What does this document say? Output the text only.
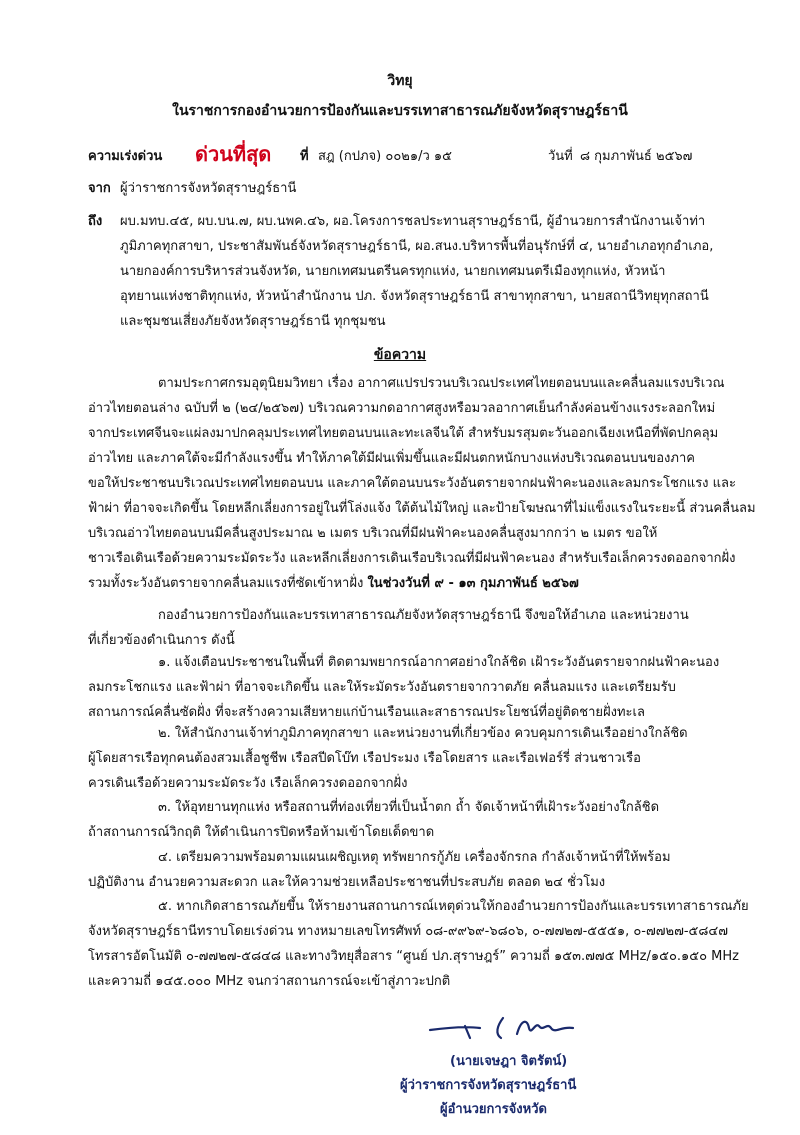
วิทยุ
ในราชการกองอำนวยการป้องกันและบรรเทาสาธารณภัยจังหวัดสุราษฎร์ธานี
ความเร่งด่วน ด่วนที่สุด ที่ สฎ (กปภจ) ๐๐๒๑/ว ๑๕	วันที่ ๘ กุมภาพันธ์ ๒๕๖๗
จาก ผู้ว่าราชการจังหวัดสุราษฎร์ธานี
ถึง ผบ.มทบ.๔๕, ผบ.บน.๗, ผบ.นพค.๔๖, ผอ.โครงการชลประทานสุราษฎร์ธานี, ผู้อำนวยการสำนักงานเจ้าท่า
ภูมิภาคทุกสาขา, ประชาสัมพันธ์จังหวัดสุราษฎร์ธานี, ผอ.สนง.บริหารพื้นที่อนุรักษ์ที่ ๔, นายอำเภอทุกอำเภอ,
นายกองค์การบริหารส่วนจังหวัด, นายกเทศมนตรีนครทุกแห่ง, นายกเทศมนตรีเมืองทุกแห่ง, หัวหน้า
อุทยานแห่งชาติทุกแห่ง, หัวหน้าสำนักงาน ปภ. จังหวัดสุราษฎร์ธานี สาขาทุกสาขา, นายสถานีวิทยุทุกสถานี
และชุมชนเสี่ยงภัยจังหวัดสุราษฎร์ธานี ทุกชุมชน
ข้อความ
ตามประกาศกรมอุตุนิยมวิทยา เรื่อง อากาศแปรปรวนบริเวณประเทศไทยตอนบนและคลื่นลมแรงบริเวณ
อ่าวไทยตอนล่าง ฉบับที่ ๒ (๒๔/๒๕๖๗) บริเวณความกดอากาศสูงหรือมวลอากาศเย็นกำลังค่อนข้างแรงระลอกใหม่
จากประเทศจีนจะแผ่ลงมาปกคลุมประเทศไทยตอนบนและทะเลจีนใต้ สำหรับมรสุมตะวันออกเฉียงเหนือที่พัดปกคลุม
อ่าวไทย และภาคใต้จะมีกำลังแรงขึ้น ทำให้ภาคใต้มีฝนเพิ่มขึ้นและมีฝนตกหนักบางแห่งบริเวณตอนบนของภาค
ขอให้ประชาชนบริเวณประเทศไทยตอนบน และภาคใต้ตอนบนระวังอันตรายจากฝนฟ้าคะนองและลมกระโชกแรง และ
ฟ้าผ่า ที่อาจจะเกิดขึ้น โดยหลีกเลี่ยงการอยู่ในที่โล่งแจ้ง ใต้ต้นไม้ใหญ่ และป้ายโฆษณาที่ไม่แข็งแรงในระยะนี้ ส่วนคลื่นลม
บริเวณอ่าวไทยตอนบนมีคลื่นสูงประมาณ ๒ เมตร บริเวณที่มีฝนฟ้าคะนองคลื่นสูงมากกว่า ๒ เมตร ขอให้
ชาวเรือเดินเรือด้วยความระมัดระวัง และหลีกเลี่ยงการเดินเรือบริเวณที่มีฝนฟ้าคะนอง สำหรับเรือเล็กควรงดออกจากฝั่ง
รวมทั้งระวังอันตรายจากคลื่นลมแรงที่ซัดเข้าหาฝั่ง ในช่วงวันที่ ๙ - ๑๓ กุมภาพันธ์ ๒๕๖๗
กองอำนวยการป้องกันและบรรเทาสาธารณภัยจังหวัดสุราษฎร์ธานี จึงขอให้อำเภอ และหน่วยงาน
ที่เกี่ยวข้องดำเนินการ ดังนี้
๑. แจ้งเตือนประชาชนในพื้นที่ ติดตามพยากรณ์อากาศอย่างใกล้ชิด เฝ้าระวังอันตรายจากฝนฟ้าคะนอง
ลมกระโชกแรง และฟ้าผ่า ที่อาจจะเกิดขึ้น และให้ระมัดระวังอันตรายจากวาตภัย คลื่นลมแรง และเตรียมรับ
สถานการณ์คลื่นซัดฝั่ง ที่จะสร้างความเสียหายแก่บ้านเรือนและสาธารณประโยชน์ที่อยู่ติดชายฝั่งทะเล
๒. ให้สำนักงานเจ้าท่าภูมิภาคทุกสาขา และหน่วยงานที่เกี่ยวข้อง ควบคุมการเดินเรืออย่างใกล้ชิด
ผู้โดยสารเรือทุกคนต้องสวมเสื้อชูชีพ เรือสปีดโบ๊ท เรือประมง เรือโดยสาร และเรือเฟอร์รี่ ส่วนชาวเรือ
ควรเดินเรือด้วยความระมัดระวัง เรือเล็กควรงดออกจากฝั่ง
๓. ให้อุทยานทุกแห่ง หรือสถานที่ท่องเที่ยวที่เป็นน้ำตก ถ้ำ จัดเจ้าหน้าที่เฝ้าระวังอย่างใกล้ชิด
ถ้าสถานการณ์วิกฤติ ให้ดำเนินการปิดหรือห้ามเข้าโดยเด็ดขาด
๔. เตรียมความพร้อมตามแผนเผชิญเหตุ ทรัพยากรกู้ภัย เครื่องจักรกล กำลังเจ้าหน้าที่ให้พร้อม
ปฏิบัติงาน อำนวยความสะดวก และให้ความช่วยเหลือประชาชนที่ประสบภัย ตลอด ๒๔ ชั่วโมง
๕. หากเกิดสาธารณภัยขึ้น ให้รายงานสถานการณ์เหตุด่วนให้กองอำนวยการป้องกันและบรรเทาสาธารณภัย
จังหวัดสุราษฎร์ธานีทราบโดยเร่งด่วน ทางหมายเลขโทรศัพท์ ๐๘-๙๙๖๙-๖๘๐๖, ๐-๗๗๒๗-๕๕๕๑, ๐-๗๗๒๗-๕๘๔๗
โทรสารอัตโนมัติ ๐-๗๗๒๗-๕๘๔๘ และทางวิทยุสื่อสาร “ศูนย์ ปภ.สุราษฎร์” ความถี่ ๑๕๓.๗๗๕ MHz/๑๕๐.๑๕๐ MHz
และความถี่ ๑๔๕.๐๐๐ MHz จนกว่าสถานการณ์จะเข้าสู่ภาวะปกติ
(นายเจษฎา จิตรัตน์)
ผู้ว่าราชการจังหวัดสุราษฎร์ธานี
ผู้อำนวยการจังหวัด
